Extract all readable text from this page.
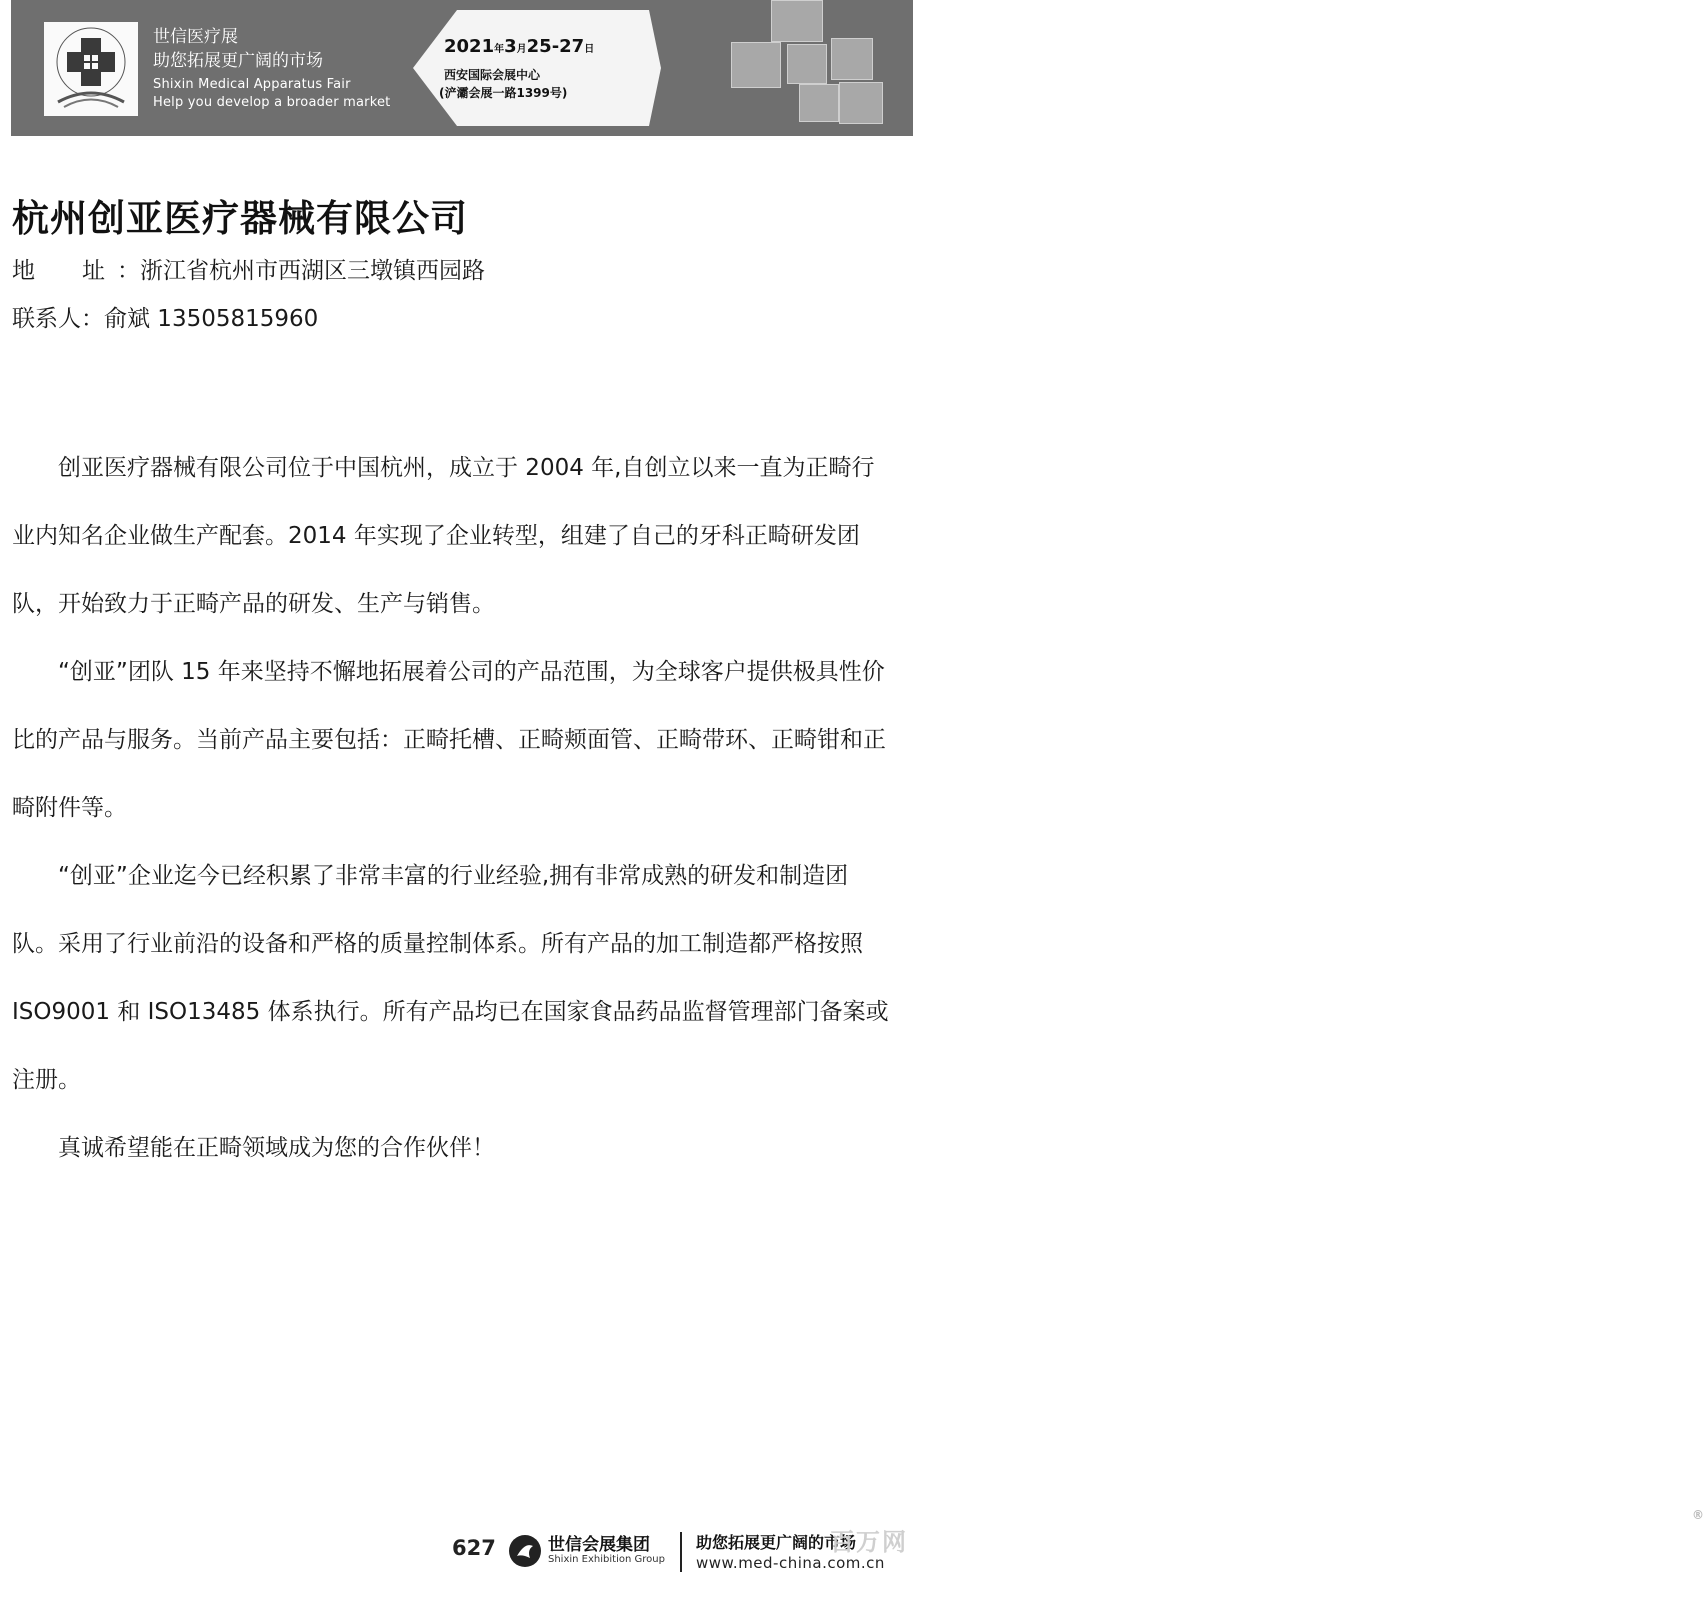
世信医疗展
助您拓展更广阔的市场
Shixin Medical Apparatus Fair
Help you develop a broader market
2021年3月25-27日
西安国际会展中心
(浐灞会展一路1399号)
杭州创亚医疗器械有限公司
地　址：浙江省杭州市西湖区三墩镇西园路
联系人：俞斌 13505815960

创亚医疗器械有限公司位于中国杭州，成立于 2004 年,自创立以来一直为正畸行业内知名企业做生产配套。2014 年实现了企业转型，组建了自己的牙科正畸研发团队，开始致力于正畸产品的研发、生产与销售。

“创亚”团队 15 年来坚持不懈地拓展着公司的产品范围，为全球客户提供极具性价比的产品与服务。当前产品主要包括：正畸托槽、正畸颊面管、正畸带环、正畸钳和正畸附件等。

“创亚”企业迄今已经积累了非常丰富的行业经验,拥有非常成熟的研发和制造团队。采用了行业前沿的设备和严格的质量控制体系。所有产品的加工制造都严格按照 ISO9001 和 ISO13485 体系执行。所有产品均已在国家食品药品监督管理部门备案或注册。

真诚希望能在正畸领域成为您的合作伙伴！

627	世信会展集团
Shixin Exhibition Group
助您拓展更广阔的市场
www.med-china.com.cn
百万网
®
